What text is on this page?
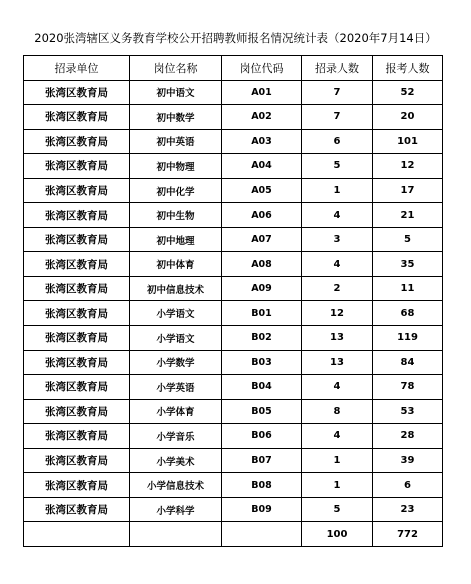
2020张湾辖区义务教育学校公开招聘教师报名情况统计表（2020年7月14日）
招录单位	岗位名称	岗位代码	招录人数	报考人数
张湾区教育局	初中语文	A01	7	52
张湾区教育局	初中数学	A02	7	20
张湾区教育局	初中英语	A03	6	101
张湾区教育局	初中物理	A04	5	12
张湾区教育局	初中化学	A05	1	17
张湾区教育局	初中生物	A06	4	21
张湾区教育局	初中地理	A07	3	5
张湾区教育局	初中体育	A08	4	35
张湾区教育局	初中信息技术	A09	2	11
张湾区教育局	小学语文	B01	12	68
张湾区教育局	小学语文	B02	13	119
张湾区教育局	小学数学	B03	13	84
张湾区教育局	小学英语	B04	4	78
张湾区教育局	小学体育	B05	8	53
张湾区教育局	小学音乐	B06	4	28
张湾区教育局	小学美术	B07	1	39
张湾区教育局	小学信息技术	B08	1	6
张湾区教育局	小学科学	B09	5	23
			100	772
